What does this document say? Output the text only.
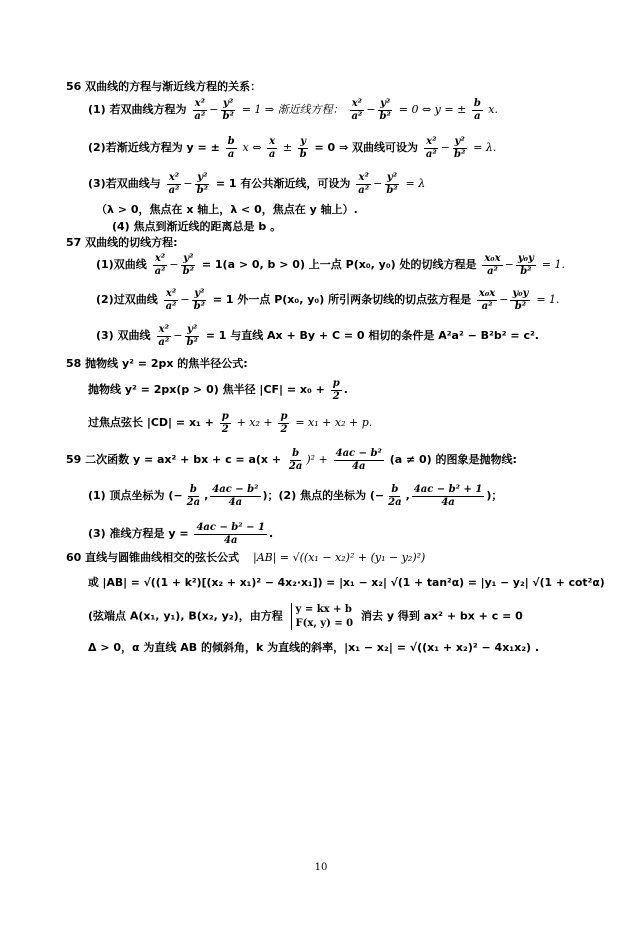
56 双曲线的方程与渐近线方程的关系：
(1) 若双曲线方程为 $\frac{\text{x²}}{\text{a²}} - \frac{\text{y²}}{\text{b²}} = 1$ ⇒ 渐近线方程： $\frac{\text{x²}}{\text{a²}} - \frac{\text{y²}}{\text{b²}} = 0$ ⇔ y = ± $\frac{b}{a} x$.
(2)若渐近线方程为 y = ± $\frac{b}{a}$ x ⇔ $\frac{x}{a} \pm \frac{y}{b} = 0$ ⇒ 双曲线可设为 $\frac{\text{x²}}{\text{a²}} - \frac{\text{y²}}{\text{b²}} = \lambda$.
(3)若双曲线与 $\frac{\text{x²}}{\text{a²}} - \frac{\text{y²}}{\text{b²}} = 1$ 有公共渐近线，可设为 $\frac{\text{x²}}{\text{a²}} - \frac{\text{y²}}{\text{b²}} = \lambda$
（λ > 0，焦点在 x 轴上，λ < 0，焦点在 y 轴上）.
(4) 焦点到渐近线的距离总是 b 。
57 双曲线的切线方程:
(1)双曲线 $\frac{\text{x²}}{\text{a²}} - \frac{\text{y²}}{\text{b²}} = 1(a > 0$, b > 0) 上一点 P(x₀, y₀) 处的切线方程是 $\frac{\text{x₀x}}{\text{a²}} - \frac{\text{y₀y}}{\text{b²}} = 1$.
(2)过双曲线 $\frac{\text{x²}}{\text{a²}} - \frac{\text{y²}}{\text{b²}} = 1$ 外一点 P(x₀, y₀) 所引两条切线的切点弦方程是 $\frac{\text{x₀x}}{\text{a²}} - \frac{\text{y₀y}}{\text{b²}} = 1$.
(3) 双曲线 $\frac{\text{x²}}{\text{a²}} - \frac{\text{y²}}{\text{b²}} = 1$ 与直线 Ax + By + C = 0 相切的条件是 A²a² − B²b² = c².
58 抛物线 y² = 2px 的焦半径公式:
抛物线 y² = 2px(p > 0) 焦半径 $|CF| = x_0 + \frac{p}{2}$ .
过焦点弦长 $|CD| = x_1 + \frac{p}{2} + x_2 + \frac{p}{2} = x_1 + x_2 + p$.
59 二次函数 y = ax² + bx + $c = a(x + \frac{b}{2a} )^2 + \frac{\text{4ac − b²}}{4a} (a \ne 0)$ 的图象是抛物线:
(1) 顶点坐标为 (− $\frac{b}{2a}$ , $\frac{\text{4ac − b²}}{4a}$ )；(2) 焦点的坐标为 (− $\frac{b}{2a}$ , $\frac{\text{4ac − b² + 1}}{4a}$ )；
(3) 准线方程是 $y = \frac{\text{4ac − b² − 1}}{4a}$ .
60 直线与圆锥曲线相交的弦长公式 |AB| = √((x₁ − x₂)² + (y₁ − y₂)²)
或 |AB| = √((1 + k²)[(x₂ + x₁)² − 4x₂·x₁]) = |x₁ − x₂| √(1 + tan²α) = |y₁ − y₂| √(1 + cot²α)
(弦端点 A(x₁, y₁), B(x₂, y₂)，由方程 y = kx + b
F(x, y) = 0 消去 y 得到 ax² + bx + c = 0
Δ > 0，α 为直线 AB 的倾斜角，k 为直线的斜率，|x₁ − x₂| = √((x₁ + x₂)² − 4x₁x₂) .
10
